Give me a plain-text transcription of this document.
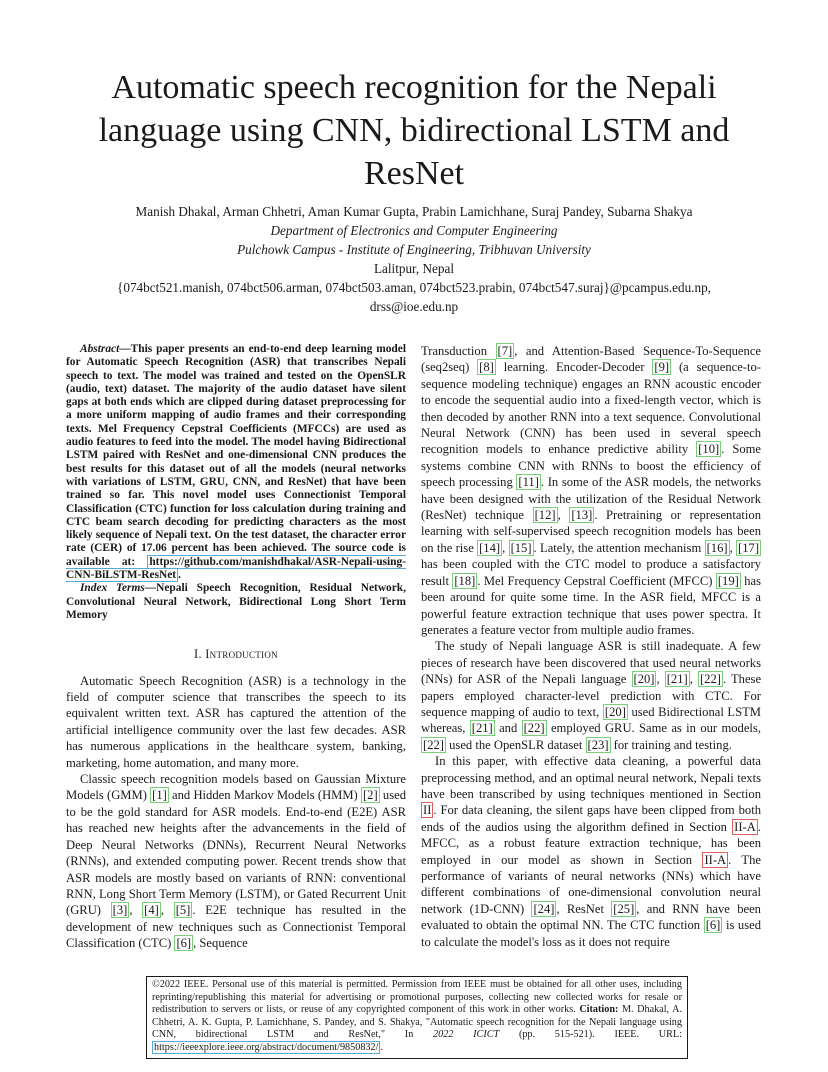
Automatic speech recognition for the Nepali language using CNN, bidirectional LSTM and ResNet
Manish Dhakal, Arman Chhetri, Aman Kumar Gupta, Prabin Lamichhane, Suraj Pandey, Subarna Shakya
Department of Electronics and Computer Engineering
Pulchowk Campus - Institute of Engineering, Tribhuvan University
Lalitpur, Nepal
{074bct521.manish, 074bct506.arman, 074bct503.aman, 074bct523.prabin, 074bct547.suraj}@pcampus.edu.np,
drss@ioe.edu.np

Abstract—This paper presents an end-to-end deep learning model for Automatic Speech Recognition (ASR) that transcribes Nepali speech to text. The model was trained and tested on the OpenSLR (audio, text) dataset. The majority of the audio dataset have silent gaps at both ends which are clipped during dataset preprocessing for a more uniform mapping of audio frames and their corresponding texts. Mel Frequency Cepstral Coefficients (MFCCs) are used as audio features to feed into the model. The model having Bidirectional LSTM paired with ResNet and one-dimensional CNN produces the best results for this dataset out of all the models (neural networks with variations of LSTM, GRU, CNN, and ResNet) that have been trained so far. This novel model uses Connectionist Temporal Classification (CTC) function for loss calculation during training and CTC beam search decoding for predicting characters as the most likely sequence of Nepali text. On the test dataset, the character error rate (CER) of 17.06 percent has been achieved. The source code is available at: https://github.com/manishdhakal/ASR-Nepali-using-CNN-BiLSTM-ResNet .

Index Terms—Nepali Speech Recognition, Residual Network, Convolutional Neural Network, Bidirectional Long Short Term Memory

I. Introduction

Automatic Speech Recognition (ASR) is a technology in the field of computer science that transcribes the speech to its equivalent written text. ASR has captured the attention of the artificial intelligence community over the last few decades. ASR has numerous applications in the healthcare system, banking, marketing, home automation, and many more.

Classic speech recognition models based on Gaussian Mixture Models (GMM) [1] and Hidden Markov Models (HMM) [2] used to be the gold standard for ASR models. End-to-end (E2E) ASR has reached new heights after the advancements in the field of Deep Neural Networks (DNNs), Recurrent Neural Networks (RNNs), and extended computing power. Recent trends show that ASR models are mostly based on variants of RNN: conventional RNN, Long Short Term Memory (LSTM), or Gated Recurrent Unit (GRU) [3] , [4] , [5] . E2E technique has resulted in the development of new techniques such as Connectionist Temporal Classification (CTC) [6] , Sequence

Transduction [7] , and Attention-Based Sequence-To-Sequence (seq2seq) [8] learning. Encoder-Decoder [9] (a sequence-to-sequence modeling technique) engages an RNN acoustic encoder to encode the sequential audio into a fixed-length vector, which is then decoded by another RNN into a text sequence. Convolutional Neural Network (CNN) has been used in several speech recognition models to enhance predictive ability [10] . Some systems combine CNN with RNNs to boost the efficiency of speech processing [11] . In some of the ASR models, the networks have been designed with the utilization of the Residual Network (ResNet) technique [12] , [13] . Pretraining or representation learning with self-supervised speech recognition models has been on the rise [14] , [15] . Lately, the attention mechanism [16] , [17] has been coupled with the CTC model to produce a satisfactory result [18] . Mel Frequency Cepstral Coefficient (MFCC) [19] has been around for quite some time. In the ASR field, MFCC is a powerful feature extraction technique that uses power spectra. It generates a feature vector from multiple audio frames.

The study of Nepali language ASR is still inadequate. A few pieces of research have been discovered that used neural networks (NNs) for ASR of the Nepali language [20] , [21] , [22] . These papers employed character-level prediction with CTC. For sequence mapping of audio to text, [20] used Bidirectional LSTM whereas, [21] and [22] employed GRU. Same as in our models, [22] used the OpenSLR dataset [23] for training and testing.

In this paper, with effective data cleaning, a powerful data preprocessing method, and an optimal neural network, Nepali texts have been transcribed by using techniques mentioned in Section II . For data cleaning, the silent gaps have been clipped from both ends of the audios using the algorithm defined in Section II-A . MFCC, as a robust feature extraction technique, has been employed in our model as shown in Section II-A . The performance of variants of neural networks (NNs) which have different combinations of one-dimensional convolution neural network (1D-CNN) [24] , ResNet [25] , and RNN have been evaluated to obtain the optimal NN. The CTC function [6] is used to calculate the model's loss as it does not require

©2022 IEEE. Personal use of this material is permitted. Permission from IEEE must be obtained for all other uses, including reprinting/republishing this material for advertising or promotional purposes, collecting new collected works for resale or redistribution to servers or lists, or reuse of any copyrighted component of this work in other works. Citation: M. Dhakal, A. Chhetri, A. K. Gupta, P. Lamichhane, S. Pandey, and S. Shakya, "Automatic speech recognition for the Nepali language using CNN, bidirectional LSTM and ResNet," In 2022 ICICT (pp. 515-521). IEEE. URL: https://ieeexplore.ieee.org/abstract/document/9850832/ .
